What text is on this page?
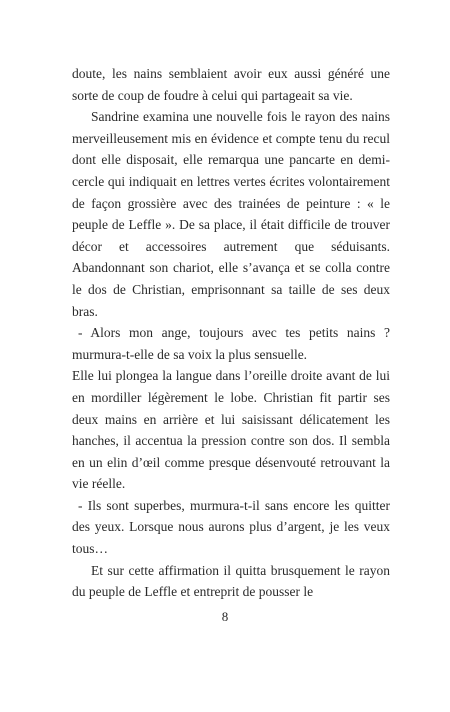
doute, les nains semblaient avoir eux aussi généré une sorte de coup de foudre à celui qui partageait sa vie.

Sandrine examina une nouvelle fois le rayon des nains merveilleusement mis en évidence et compte tenu du recul dont elle disposait, elle remarqua une pancarte en demi- cercle qui indiquait en lettres vertes écrites volontairement de façon grossière avec des trainées de peinture : « le peuple de Leffle ». De sa place, il était difficile de trouver décor et accessoires autrement que séduisants. Abandonnant son chariot, elle s’avança et se colla contre le dos de Christian, emprisonnant sa taille de ses deux bras.

- Alors mon ange, toujours avec tes petits nains ? murmura-t-elle de sa voix la plus sensuelle.

Elle lui plongea la langue dans l’oreille droite avant de lui en mordiller légèrement le lobe. Christian fit partir ses deux mains en arrière et lui saisissant délicatement les hanches, il accentua la pression contre son dos. Il sembla en un elin d’œil comme presque désenvouté retrouvant la vie réelle.

- Ils sont superbes, murmura-t-il sans encore les quitter des yeux. Lorsque nous aurons plus d’argent, je les veux tous…

Et sur cette affirmation il quitta brusquement le rayon du peuple de Leffle et entreprit de pousser le

8
